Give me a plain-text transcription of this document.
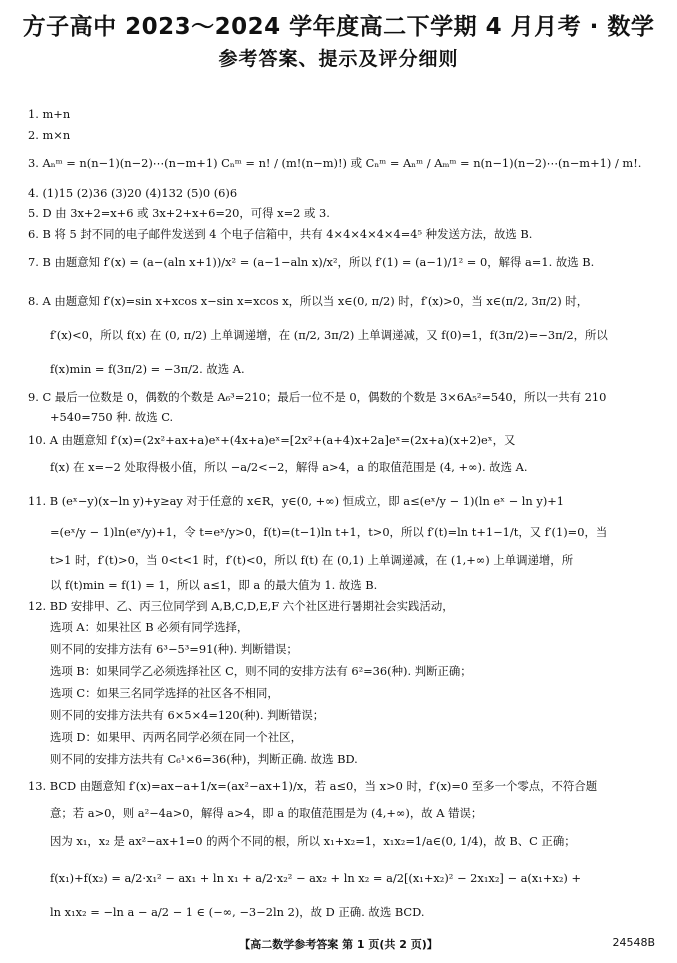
方子高中 2023～2024 学年度高二下学期 4 月月考 · 数学
参考答案、提示及评分细则
1. m+n
2. m×n
3. Aₙᵐ = n(n−1)(n−2)⋯(n−m+1) Cₙᵐ = n! / (m!(n−m)!) 或 Cₙᵐ = Aₙᵐ / Aₘᵐ = n(n−1)(n−2)⋯(n−m+1) / m!.
4. (1)15 (2)36 (3)20 (4)132 (5)0 (6)6
5. D 由 3x+2=x+6 或 3x+2+x+6=20，可得 x=2 或 3.
6. B 将 5 封不同的电子邮件发送到 4 个电子信箱中，共有 4×4×4×4×4=4⁵ 种发送方法，故选 B.
7. B 由题意知 f′(x) = (a−(aln x+1))/x² = (a−1−aln x)/x²，所以 f′(1) = (a−1)/1² = 0，解得 a=1. 故选 B.
8. A 由题意知 f′(x)=sin x+xcos x−sin x=xcos x，所以当 x∈(0, π/2) 时，f′(x)>0，当 x∈(π/2, 3π/2) 时，
f′(x)<0，所以 f(x) 在 (0, π/2) 上单调递增，在 (π/2, 3π/2) 上单调递减，又 f(0)=1，f(3π/2)=−3π/2，所以
f(x)min = f(3π/2) = −3π/2. 故选 A.
9. C 最后一位数是 0，偶数的个数是 A₆³=210；最后一位不是 0，偶数的个数是 3×6A₅²=540，所以一共有 210
+540=750 种. 故选 C.
10. A 由题意知 f′(x)=(2x²+ax+a)eˣ+(4x+a)eˣ=[2x²+(a+4)x+2a]eˣ=(2x+a)(x+2)eˣ，又
f(x) 在 x=−2 处取得极小值，所以 −a/2<−2，解得 a>4，a 的取值范围是 (4, +∞). 故选 A.
11. B (eˣ−y)(x−ln y)+y≥ay 对于任意的 x∈R，y∈(0, +∞) 恒成立，即 a≤(eˣ/y − 1)(ln eˣ − ln y)+1
=(eˣ/y − 1)ln(eˣ/y)+1，令 t=eˣ/y>0，f(t)=(t−1)ln t+1，t>0，所以 f′(t)=ln t+1−1/t，又 f′(1)=0，当
t>1 时，f′(t)>0，当 0<t<1 时，f′(t)<0，所以 f(t) 在 (0,1) 上单调递减，在 (1,+∞) 上单调递增，所
以 f(t)min = f(1) = 1，所以 a≤1，即 a 的最大值为 1. 故选 B.
12. BD 安排甲、乙、丙三位同学到 A,B,C,D,E,F 六个社区进行暑期社会实践活动，
选项 A：如果社区 B 必须有同学选择，
则不同的安排方法有 6³−5³=91(种). 判断错误；
选项 B：如果同学乙必须选择社区 C，则不同的安排方法有 6²=36(种). 判断正确；
选项 C：如果三名同学选择的社区各不相同，
则不同的安排方法共有 6×5×4=120(种). 判断错误；
选项 D：如果甲、丙两名同学必须在同一个社区，
则不同的安排方法共有 C₆¹×6=36(种)，判断正确. 故选 BD.
13. BCD 由题意知 f′(x)=ax−a+1/x=(ax²−ax+1)/x，若 a≤0，当 x>0 时，f′(x)=0 至多一个零点，不符合题
意；若 a>0，则 a²−4a>0，解得 a>4，即 a 的取值范围是为 (4,+∞)，故 A 错误；
因为 x₁，x₂ 是 ax²−ax+1=0 的两个不同的根，所以 x₁+x₂=1，x₁x₂=1/a∈(0, 1/4)，故 B、C 正确；
f(x₁)+f(x₂) = a/2·x₁² − ax₁ + ln x₁ + a/2·x₂² − ax₂ + ln x₂ = a/2[(x₁+x₂)² − 2x₁x₂] − a(x₁+x₂) +
ln x₁x₂ = −ln a − a/2 − 1 ∈ (−∞, −3−2ln 2)，故 D 正确. 故选 BCD.
【高二数学参考答案 第 1 页(共 2 页)】	24548B
